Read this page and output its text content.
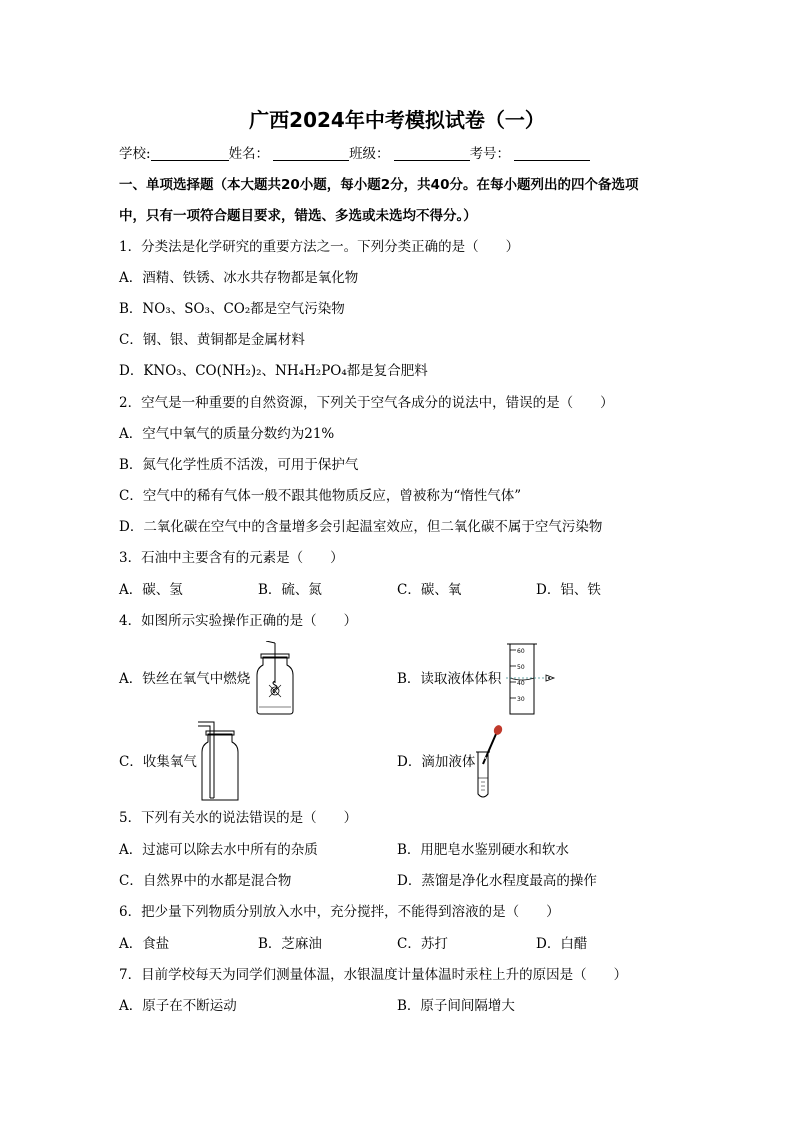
广西2024年中考模拟试卷（一）
学校:	姓名：	班级：	考号：
一、单项选择题（本大题共20小题，每小题2分，共40分。在每小题列出的四个备选项
中，只有一项符合题目要求，错选、多选或未选均不得分。）
1．分类法是化学研究的重要方法之一。下列分类正确的是（　　）
A．酒精、铁锈、冰水共存物都是氧化物
B．NO₃、SO₃、CO₂都是空气污染物
C．钢、银、黄铜都是金属材料
D．KNO₃、CO(NH₂)₂、NH₄H₂PO₄都是复合肥料
2．空气是一种重要的自然资源，下列关于空气各成分的说法中，错误的是（　　）
A．空气中氧气的质量分数约为21%
B．氮气化学性质不活泼，可用于保护气
C．空气中的稀有气体一般不跟其他物质反应，曾被称为“惰性气体”
D．二氧化碳在空气中的含量增多会引起温室效应，但二氧化碳不属于空气污染物
3．石油中主要含有的元素是（　　）
A．碳、氢	B．硫、氮	C．碳、氧	D．铝、铁
4．如图所示实验操作正确的是（　　）
A．铁丝在氧气中燃烧	B．读取液体体积
60
50
40
30
C．收集氧气	D．滴加液体
5．下列有关水的说法错误的是（　　）
A．过滤可以除去水中所有的杂质	B．用肥皂水鉴别硬水和软水
C．自然界中的水都是混合物	D．蒸馏是净化水程度最高的操作
6．把少量下列物质分别放入水中，充分搅拌，不能得到溶液的是（　　）
A．食盐	B．芝麻油	C．苏打	D．白醋
7．目前学校每天为同学们测量体温，水银温度计量体温时汞柱上升的原因是（　　）
A．原子在不断运动	B．原子间间隔增大
